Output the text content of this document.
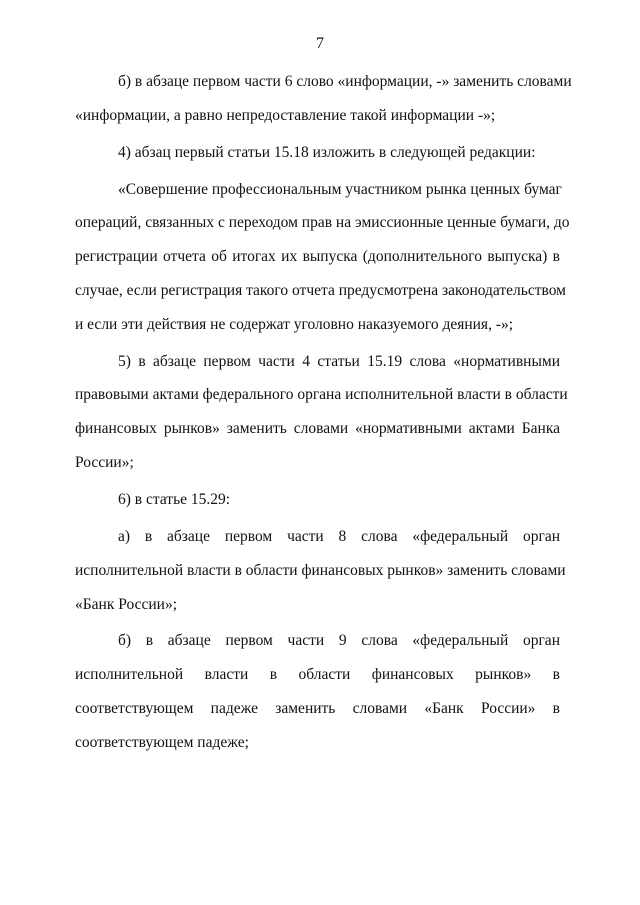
7
б) в абзаце первом части 6 слово «информации, -» заменить словами
«информации, а равно непредоставление такой информации -»;
4) абзац первый статьи 15.18 изложить в следующей редакции:
«Совершение профессиональным участником рынка ценных бумаг
операций, связанных с переходом прав на эмиссионные ценные бумаги, до
регистрации отчета об итогах их выпуска (дополнительного выпуска) в
случае, если регистрация такого отчета предусмотрена законодательством
и если эти действия не содержат уголовно наказуемого деяния, -»;
5) в абзаце первом части 4 статьи 15.19 слова «нормативными
правовыми актами федерального органа исполнительной власти в области
финансовых рынков» заменить словами «нормативными актами Банка
России»;
6) в статье 15.29:
а) в абзаце первом части 8 слова «федеральный орган
исполнительной власти в области финансовых рынков» заменить словами
«Банк России»;
б) в абзаце первом части 9 слова «федеральный орган
исполнительной власти в области финансовых рынков» в
соответствующем падеже заменить словами «Банк России» в
соответствующем падеже;
